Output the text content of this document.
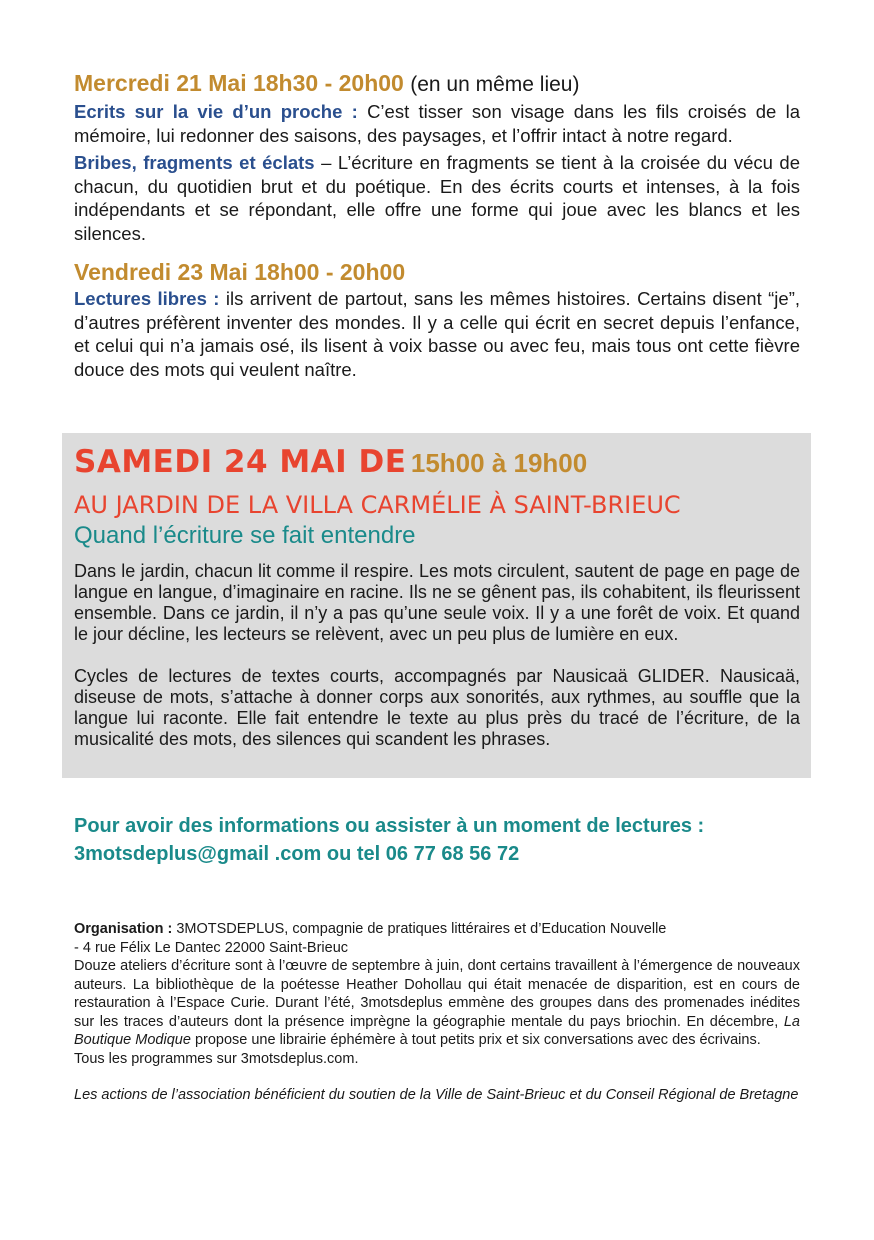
Mercredi 21 Mai 18h30 - 20h00 (en un même lieu)

Ecrits sur la vie d’un proche : C’est tisser son visage dans les fils croisés de la mémoire, lui redonner des saisons, des paysages, et l’offrir intact à notre regard.

Bribes, fragments et éclats – L’écriture en fragments se tient à la croisée du vécu de chacun, du quotidien brut et du poétique. En des écrits courts et intenses, à la fois indépendants et se répondant, elle offre une forme qui joue avec les blancs et les silences.

Vendredi 23 Mai 18h00 - 20h00

Lectures libres : ils arrivent de partout, sans les mêmes histoires. Certains disent “je”, d’autres préfèrent inventer des mondes. Il y a celle qui écrit en secret depuis l’enfance, et celui qui n’a jamais osé, ils lisent à voix basse ou avec feu, mais tous ont cette fièvre douce des mots qui veulent naître.

SAMEDI 24 MAI DE 15h00 à 19h00

AU JARDIN DE LA VILLA CARMÉLIE À SAINT-BRIEUC

Quand l’écriture se fait entendre

Dans le jardin, chacun lit comme il respire. Les mots circulent, sautent de page en page de langue en langue, d’imaginaire en racine. Ils ne se gênent pas, ils cohabitent, ils fleurissent ensemble. Dans ce jardin, il n’y a pas qu’une seule voix. Il y a une forêt de voix. Et quand le jour décline, les lecteurs se relèvent, avec un peu plus de lumière en eux.

Cycles de lectures de textes courts, accompagnés par Nausicaä GLIDER. Nausicaä, diseuse de mots, s’attache à donner corps aux sonorités, aux rythmes, au souffle que la langue lui raconte. Elle fait entendre le texte au plus près du tracé de l’écriture, de la musicalité des mots, des silences qui scandent les phrases.

Pour avoir des informations ou assister à un moment de lectures :

3motsdeplus@gmail .com ou tel 06 77 68 56 72

Organisation : 3MOTSDEPLUS, compagnie de pratiques littéraires et d’Education Nouvelle

- 4 rue Félix Le Dantec 22000 Saint-Brieuc

Douze ateliers d’écriture sont à l’œuvre de septembre à juin, dont certains travaillent à l’émergence de nouveaux auteurs. La bibliothèque de la poétesse Heather Dohollau qui était menacée de disparition, est en cours de restauration à l’Espace Curie. Durant l’été, 3motsdeplus emmène des groupes dans des promenades inédites sur les traces d’auteurs dont la présence imprègne la géographie mentale du pays briochin. En décembre, La Boutique Modique propose une librairie éphémère à tout petits prix et six conversations avec des écrivains.

Tous les programmes sur 3motsdeplus.com.

Les actions de l’association bénéficient du soutien de la Ville de Saint-Brieuc et du Conseil Régional de Bretagne
